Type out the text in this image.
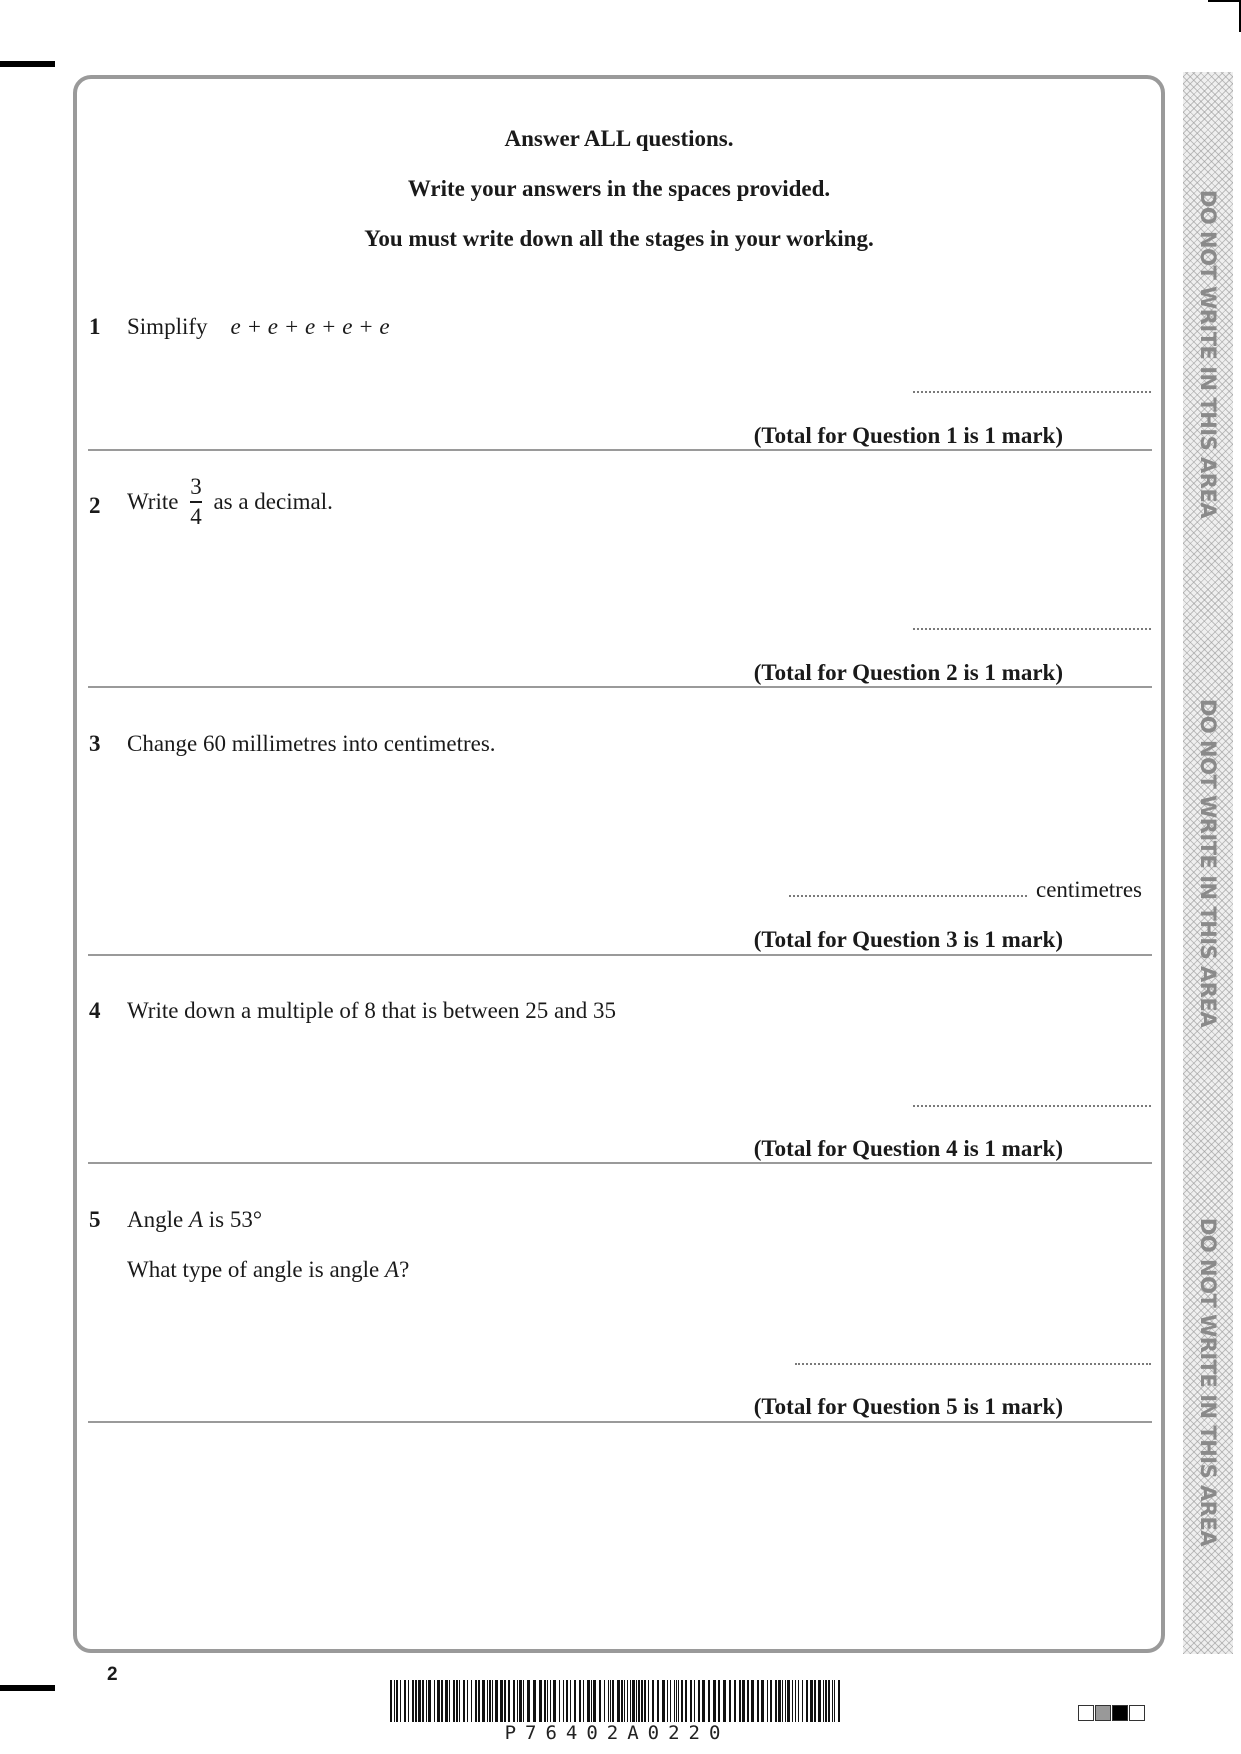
DO NOT WRITE IN THIS AREA
DO NOT WRITE IN THIS AREA
DO NOT WRITE IN THIS AREA
Answer ALL questions.
Write your answers in the spaces provided.
You must write down all the stages in your working.
1 Simplify e + e + e + e + e
(Total for Question 1 is 1 mark)
2 Write $\frac{3}{4}$ as a decimal.
(Total for Question 2 is 1 mark)
3 Change 60 millimetres into centimetres.
centimetres
(Total for Question 3 is 1 mark)
4 Write down a multiple of 8 that is between 25 and 35
(Total for Question 4 is 1 mark)
5 Angle A is 53°
What type of angle is angle A?
(Total for Question 5 is 1 mark)
2
P76402A0220
